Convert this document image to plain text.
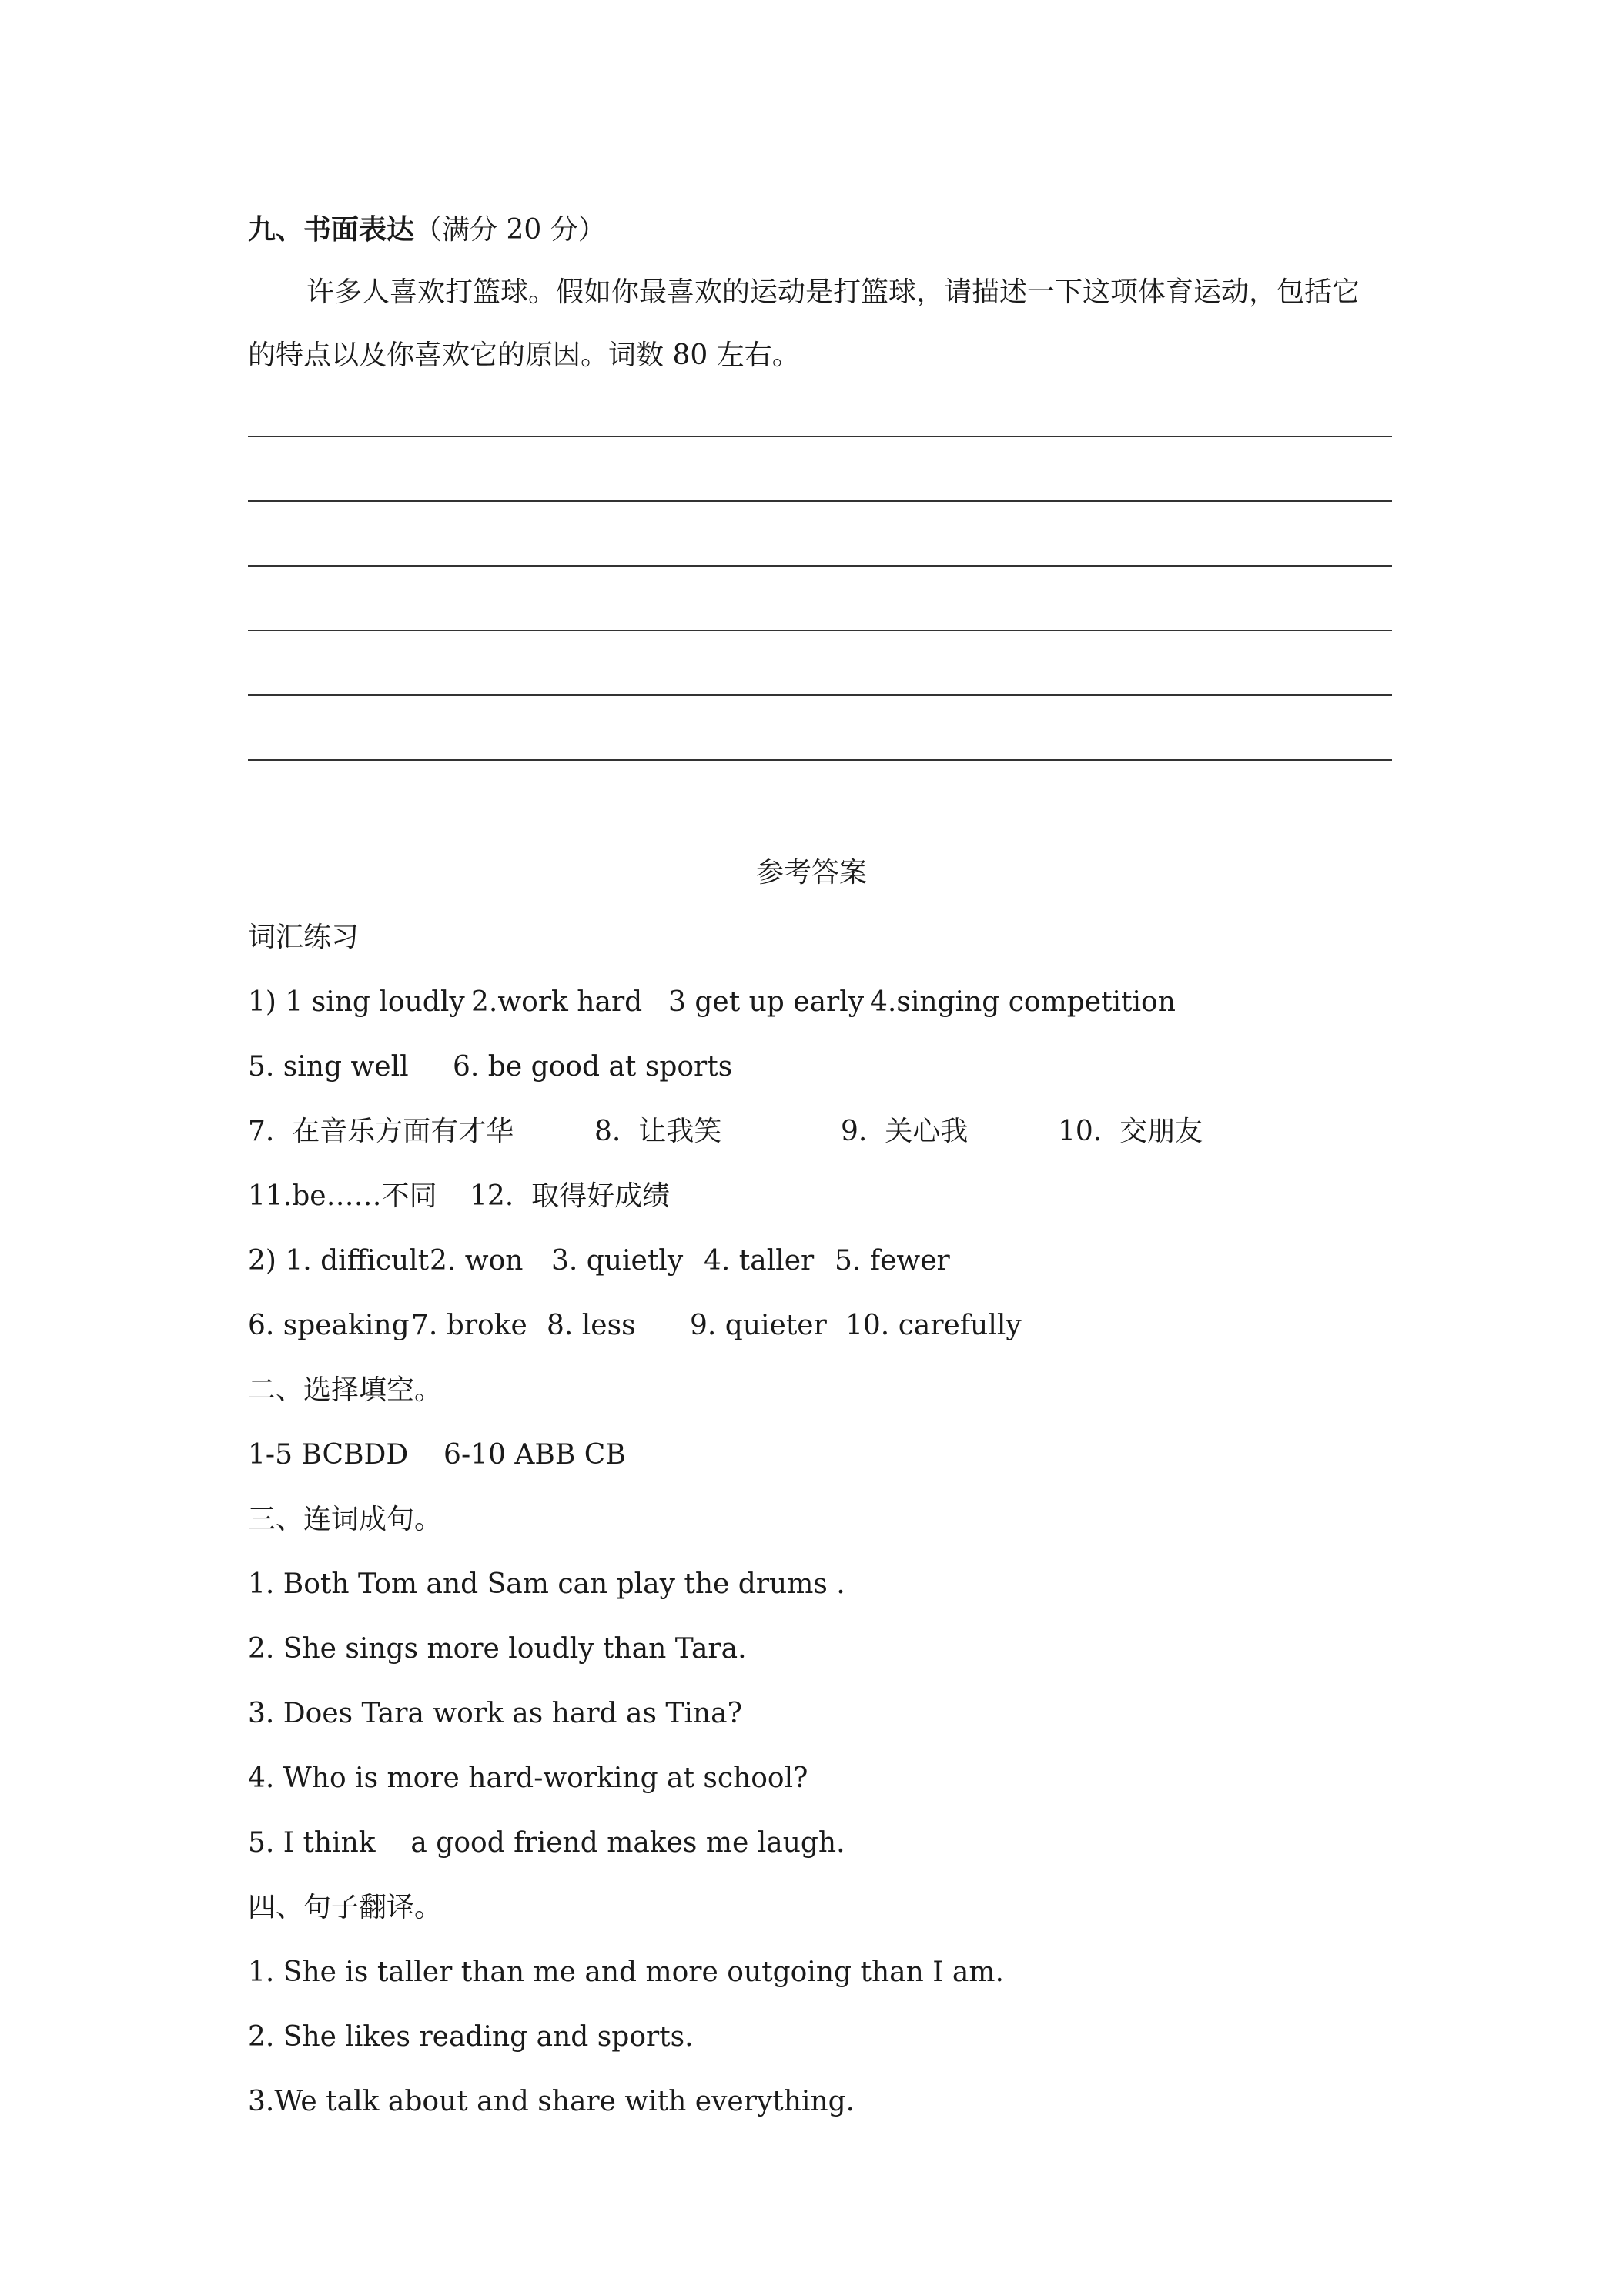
九、书面表达（满分 20 分）
许多人喜欢打篮球。假如你最喜欢的运动是打篮球，请描述一下这项体育运动，包括它
的特点以及你喜欢它的原因。词数 80 左右。
参考答案
词汇练习

1) 1 sing loudly

2.work hard

3 get up early

4.singing competition

5. sing well

6. be good at sports

7.  在音乐方面有才华

	8.  让我笑

	9.  关心我

	10.  交朋友

11.be……不同

12.  取得好成绩

2) 1. difficult

2. won

3. quietly

4. taller

5. fewer

6. speaking

7. broke

8. less

9. quieter

10. carefully

二、选择填空。
1-5 BCBDD    6-10 ABB CB
三、连词成句。
1. Both Tom and Sam can play the drums .
2. She sings more loudly than Tara.
3. Does Tara work as hard as Tina?
4. Who is more hard-working at school?
5. I think    a good friend makes me laugh.
四、句子翻译。
1. She is taller than me and more outgoing than I am.
2. She likes reading and sports.
3.We talk about and share with everything.
